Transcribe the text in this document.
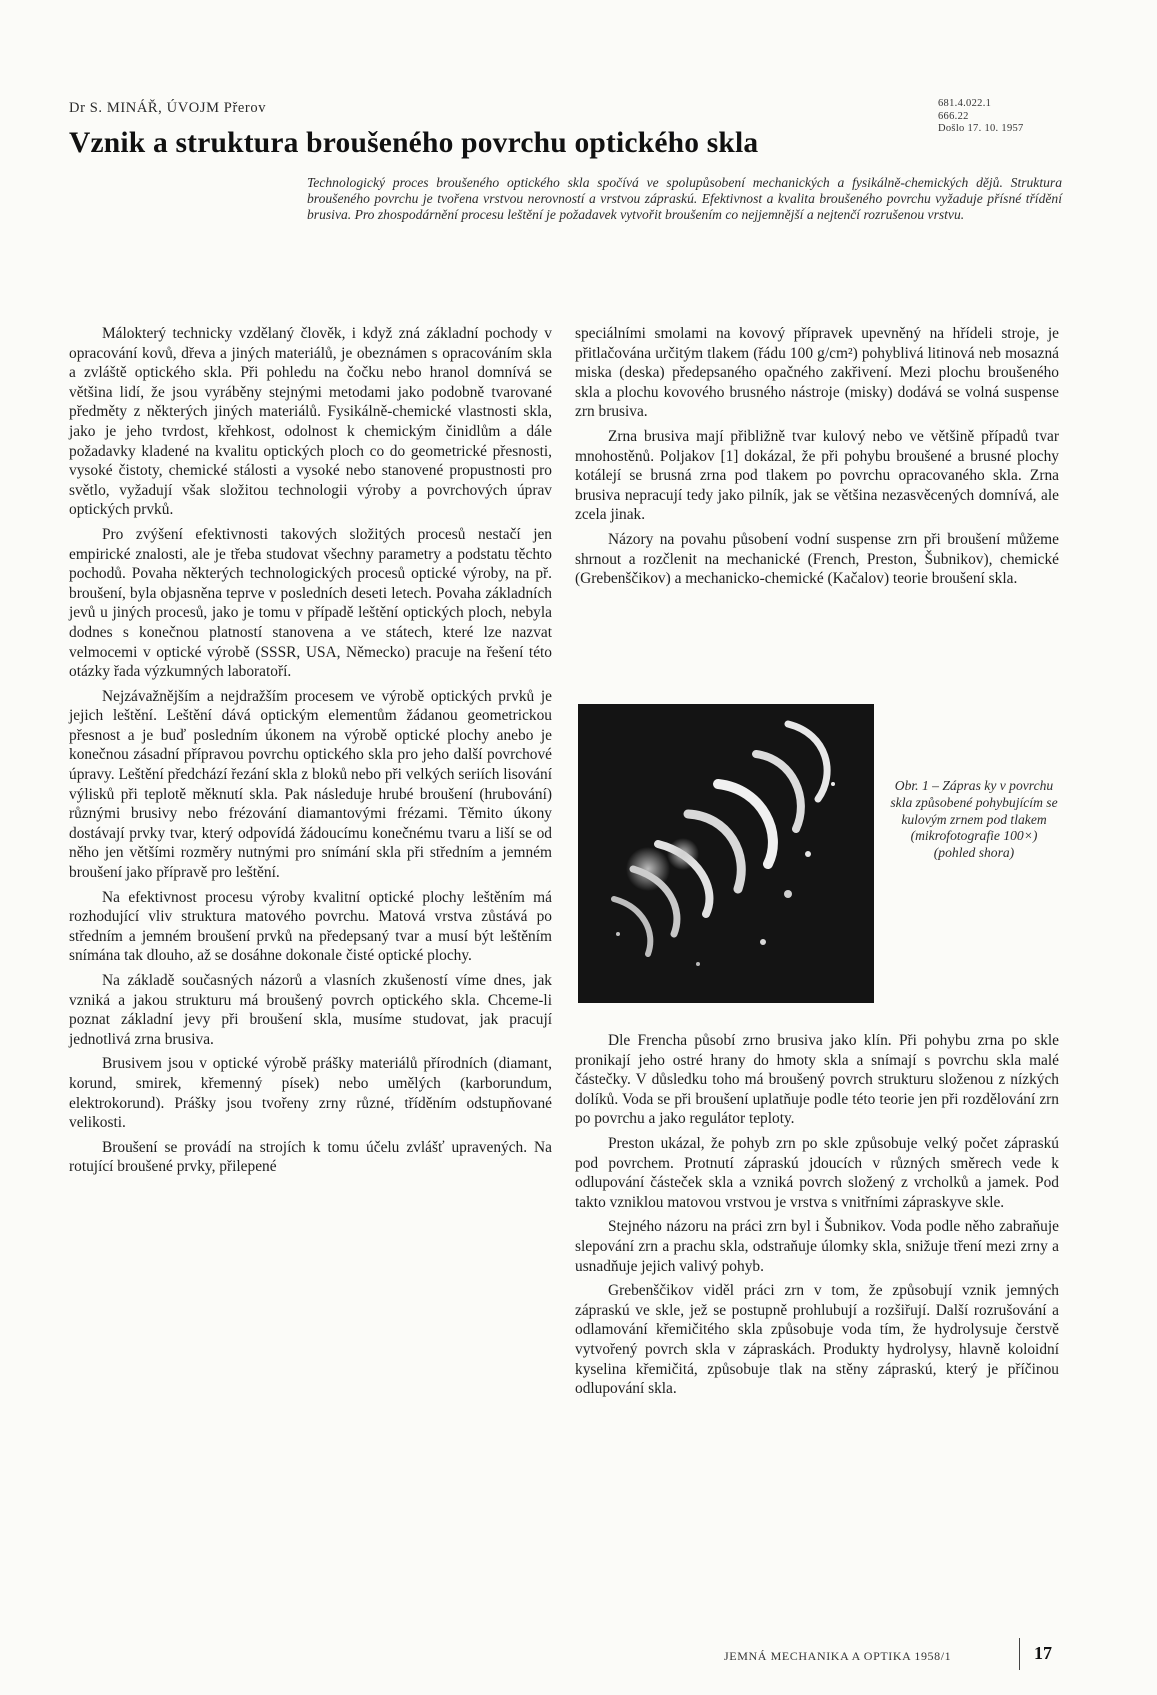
Dr S. MINÁŘ, ÚVOJM Přerov
Vznik a struktura broušeného povrchu optického skla
681.4.022.1
666.22
Došlo 17. 10. 1957
Technologický proces broušeného optického skla spočívá ve spolupůsobení mechanických a fysikálně-chemických dějů. Struktura broušeného povrchu je tvořena vrstvou nerovností a vrstvou zápraskú. Efektivnost a kvalita broušeného povrchu vyžaduje přísné třídění brusiva. Pro zhospodárnění procesu leštění je požadavek vytvořit broušením co nejjemnější a nejtenčí rozrušenou vrstvu.

Málokterý technicky vzdělaný člověk, i když zná základní pochody v opracování kovů, dřeva a jiných materiálů, je obeznámen s opracováním skla a zvláště optického skla. Při pohledu na čočku nebo hranol domnívá se většina lidí, že jsou vyráběny stejnými metodami jako podobně tvarované předměty z některých jiných materiálů. Fysikálně-chemické vlastnosti skla, jako je jeho tvrdost, křehkost, odolnost k chemickým činidlům a dále požadavky kladené na kvalitu optických ploch co do geometrické přesnosti, vysoké čistoty, chemické stálosti a vysoké nebo stanovené propustnosti pro světlo, vyžadují však složitou technologii výroby a povrchových úprav optických prvků.

Pro zvýšení efektivnosti takových složitých procesů nestačí jen empirické znalosti, ale je třeba studovat všechny parametry a podstatu těchto pochodů. Povaha některých technologických procesů optické výroby, na př. broušení, byla objasněna teprve v posledních deseti letech. Povaha základních jevů u jiných procesů, jako je tomu v případě leštění optických ploch, nebyla dodnes s konečnou platností stanovena a ve státech, které lze nazvat velmocemi v optické výrobě (SSSR, USA, Německo) pracuje na řešení této otázky řada výzkumných laboratoří.

Nejzávažnějším a nejdražším procesem ve výrobě optických prvků je jejich leštění. Leštění dává optickým elementům žádanou geometrickou přesnost a je buď posledním úkonem na výrobě optické plochy anebo je konečnou zásadní přípravou povrchu optického skla pro jeho další povrchové úpravy. Leštění předchází řezání skla z bloků nebo při velkých seriích lisování výlisků při teplotě měknutí skla. Pak následuje hrubé broušení (hrubování) různými brusivy nebo frézování diamantovými frézami. Těmito úkony dostávají prvky tvar, který odpovídá žádoucímu konečnému tvaru a liší se od něho jen většími rozměry nutnými pro snímání skla při středním a jemném broušení jako přípravě pro leštění.

Na efektivnost procesu výroby kvalitní optické plochy leštěním má rozhodující vliv struktura matového povrchu. Matová vrstva zůstává po středním a jemném broušení prvků na předepsaný tvar a musí být leštěním snímána tak dlouho, až se dosáhne dokonale čisté optické plochy.

Na základě současných názorů a vlasních zkušeností víme dnes, jak vzniká a jakou strukturu má broušený povrch optického skla. Chceme-li poznat základní jevy při broušení skla, musíme studovat, jak pracují jednotlivá zrna brusiva.

Brusivem jsou v optické výrobě prášky materiálů přírodních (diamant, korund, smirek, křemenný písek) nebo umělých (karborundum, elektrokorund). Prášky jsou tvořeny zrny různé, tříděním odstupňované velikosti.

Broušení se provádí na strojích k tomu účelu zvlášť upravených. Na rotující broušené prvky, přilepené

speciálními smolami na kovový přípravek upevněný na hřídeli stroje, je přitlačována určitým tlakem (řádu 100 g/cm²) pohyblivá litinová neb mosazná miska (deska) předepsaného opačného zakřivení. Mezi plochu broušeného skla a plochu kovového brusného nástroje (misky) dodává se volná suspense zrn brusiva.

Zrna brusiva mají přibližně tvar kulový nebo ve většině případů tvar mnohostěnů. Poljakov [1] dokázal, že při pohybu broušené a brusné plochy kotálejí se brusná zrna pod tlakem po povrchu opracovaného skla. Zrna brusiva nepracují tedy jako pilník, jak se většina nezasvěcených domnívá, ale zcela jinak.

Názory na povahu působení vodní suspense zrn při broušení můžeme shrnout a rozčlenit na mechanické (French, Preston, Šubnikov), chemické (Grebenščikov) a mechanicko-chemické (Kačalov) teorie broušení skla.

Obr. 1 – Zápras ky v povrchu skla způsobené pohybujícím se kulovým zrnem pod tlakem (mikrofotografie 100×) (pohled shora)

Dle Frencha působí zrno brusiva jako klín. Při pohybu zrna po skle pronikají jeho ostré hrany do hmoty skla a snímají s povrchu skla malé částečky. V důsledku toho má broušený povrch strukturu složenou z nízkých dolíků. Voda se při broušení uplatňuje podle této teorie jen při rozdělování zrn po povrchu a jako regulátor teploty.

Preston ukázal, že pohyb zrn po skle způsobuje velký počet zápraskú pod povrchem. Protnutí zápraskú jdoucích v různých směrech vede k odlupování částeček skla a vzniká povrch složený z vrcholků a jamek. Pod takto vzniklou matovou vrstvou je vrstva s vnitřními zápraskyve skle.

Stejného názoru na práci zrn byl i Šubnikov. Voda podle něho zabraňuje slepování zrn a prachu skla, odstraňuje úlomky skla, snižuje tření mezi zrny a usnadňuje jejich valivý pohyb.

Grebenščikov viděl práci zrn v tom, že způsobují vznik jemných zápraskú ve skle, jež se postupně prohlubují a rozšiřují. Další rozrušování a odlamování křemičitého skla způsobuje voda tím, že hydrolysuje čerstvě vytvořený povrch skla v zápraskách. Produkty hydrolysy, hlavně koloidní kyselina křemičitá, způsobuje tlak na stěny zápraskú, který je příčinou odlupování skla.

JEMNÁ MECHANIKA A OPTIKA 1958/1	17
